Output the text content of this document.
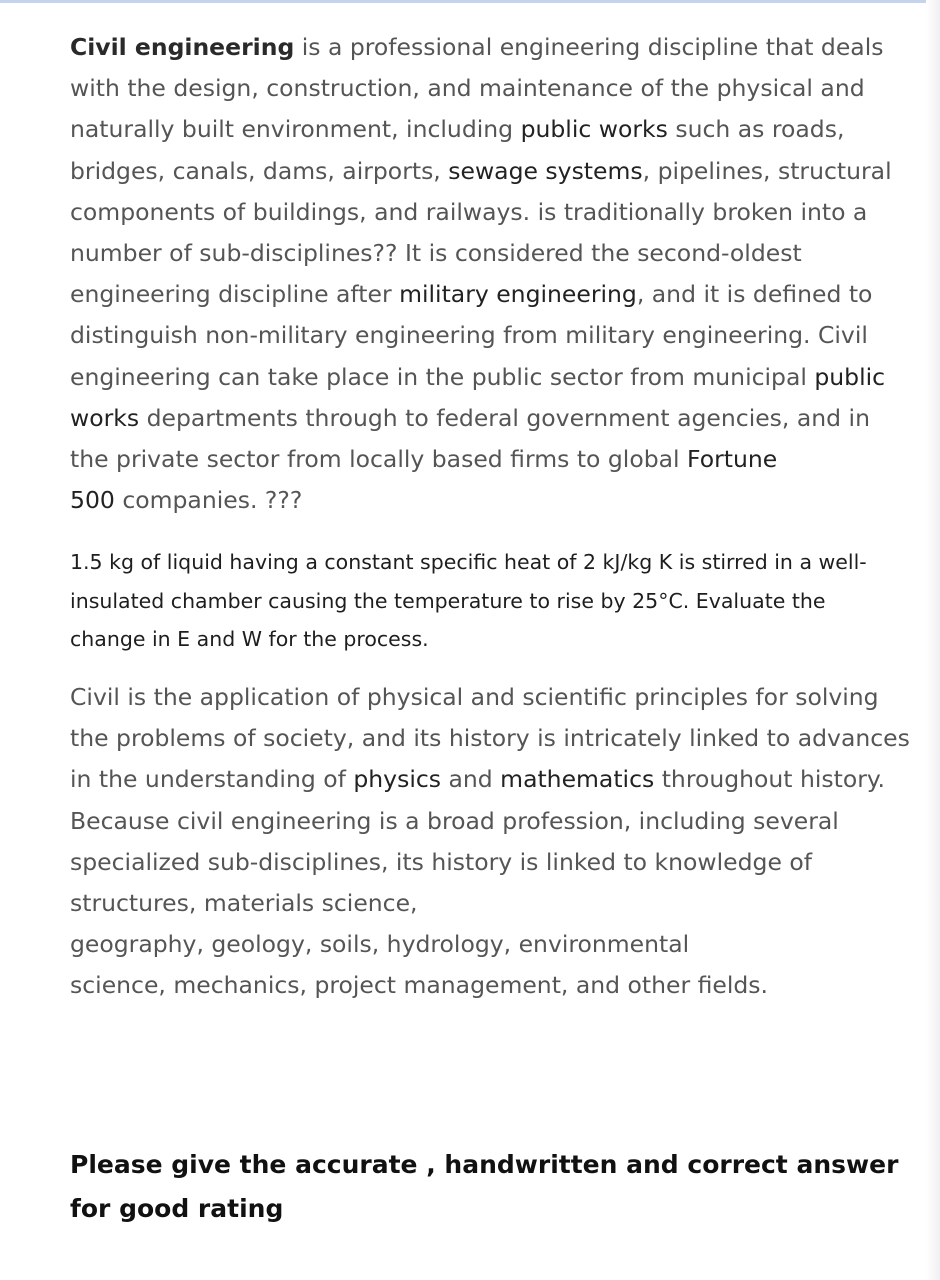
Civil engineering is a professional engineering discipline that deals
with the design, construction, and maintenance of the physical and
naturally built environment, including public works such as roads,
bridges, canals, dams, airports, sewage systems, pipelines, structural
components of buildings, and railways. is traditionally broken into a
number of sub-disciplines?? It is considered the second-oldest
engineering discipline after military engineering, and it is defined to
distinguish non-military engineering from military engineering. Civil
engineering can take place in the public sector from municipal public
works departments through to federal government agencies, and in
the private sector from locally based firms to global Fortune
500 companies. ???
1.5 kg of liquid having a constant specific heat of 2 kJ/kg K is stirred in a well-
insulated chamber causing the temperature to rise by 25°C. Evaluate the
change in E and W for the process.
Civil is the application of physical and scientific principles for solving
the problems of society, and its history is intricately linked to advances
in the understanding of physics and mathematics throughout history.
Because civil engineering is a broad profession, including several
specialized sub-disciplines, its history is linked to knowledge of
structures, materials science,
geography, geology, soils, hydrology, environmental
science, mechanics, project management, and other fields.
Please give the accurate , handwritten and correct answer
for good rating
